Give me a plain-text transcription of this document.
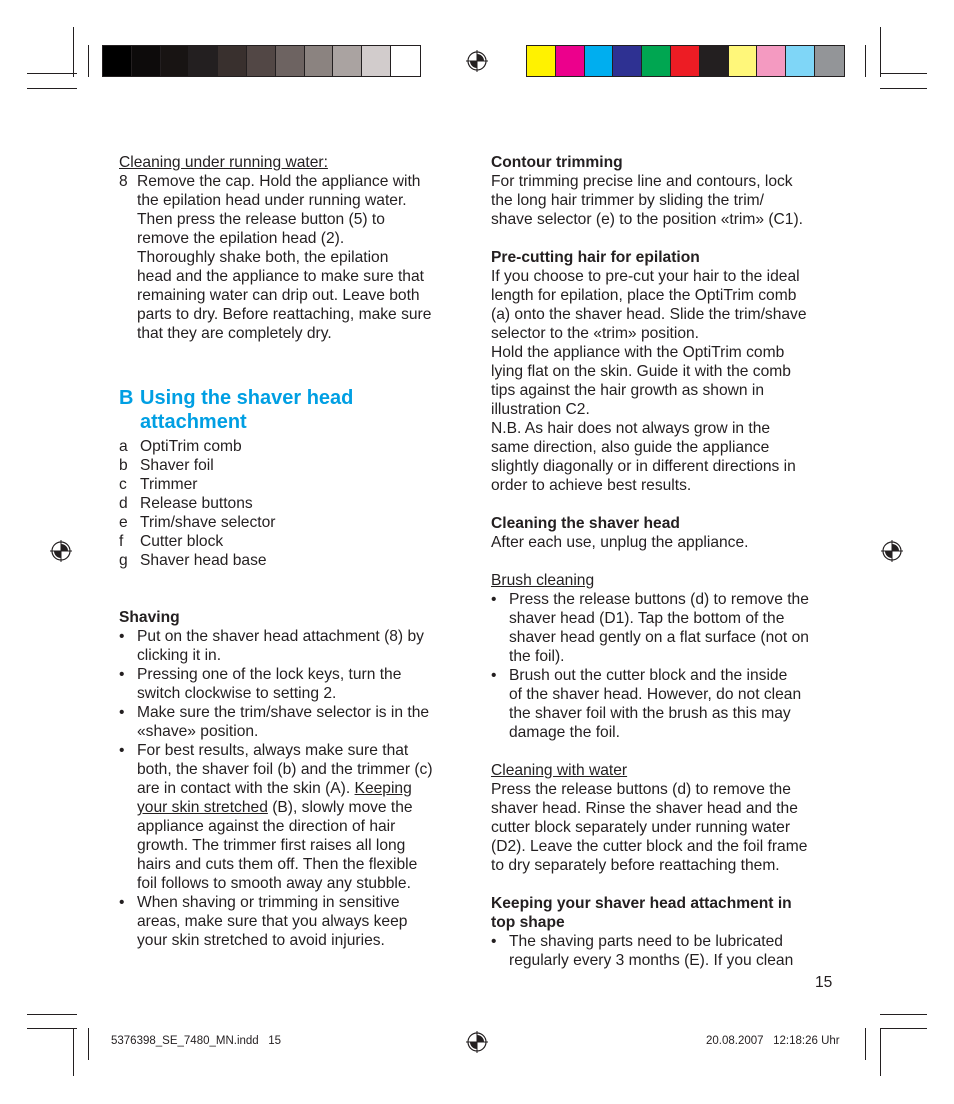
Cleaning under running water:
8 Remove the cap. Hold the appliance with
the epilation head under running water.
Then press the release button (5) to
remove the epilation head (2).
Thoroughly shake both, the epilation
head and the appliance to make sure that
remaining water can drip out. Leave both
parts to dry. Before reattaching, make sure
that they are completely dry.
B Using the shaver head
attachment
a OptiTrim comb
b Shaver foil
c Trimmer
d Release buttons
e Trim/shave selector
f Cutter block
g Shaver head base
Shaving
• Put on the shaver head attachment (8) by
clicking it in.
• Pressing one of the lock keys, turn the
switch clockwise to setting 2.
• Make sure the trim/shave selector is in the
«shave» position.
• For best results, always make sure that
both, the shaver foil (b) and the trimmer (c)
are in contact with the skin (A). Keeping
your skin stretched (B), slowly move the
appliance against the direction of hair
growth. The trimmer first raises all long
hairs and cuts them off. Then the flexible
foil follows to smooth away any stubble.
• When shaving or trimming in sensitive
areas, make sure that you always keep
your skin stretched to avoid injuries.
Contour trimming
For trimming precise line and contours, lock
the long hair trimmer by sliding the trim/
shave selector (e) to the position «trim» (C1).
Pre-cutting hair for epilation
If you choose to pre-cut your hair to the ideal
length for epilation, place the OptiTrim comb
(a) onto the shaver head. Slide the trim/shave
selector to the «trim» position.
Hold the appliance with the OptiTrim comb
lying flat on the skin. Guide it with the comb
tips against the hair growth as shown in
illustration C2.
N.B. As hair does not always grow in the
same direction, also guide the appliance
slightly diagonally or in different directions in
order to achieve best results.
Cleaning the shaver head
After each use, unplug the appliance.
Brush cleaning
• Press the release buttons (d) to remove the
shaver head (D1). Tap the bottom of the
shaver head gently on a flat surface (not on
the foil).
• Brush out the cutter block and the inside
of the shaver head. However, do not clean
the shaver foil with the brush as this may
damage the foil.
Cleaning with water
Press the release buttons (d) to remove the
shaver head. Rinse the shaver head and the
cutter block separately under running water
(D2). Leave the cutter block and the foil frame
to dry separately before reattaching them.
Keeping your shaver head attachment in
top shape
• The shaving parts need to be lubricated
regularly every 3 months (E). If you clean
15
5376398_SE_7480_MN.indd   15	20.08.2007   12:18:26 Uhr
